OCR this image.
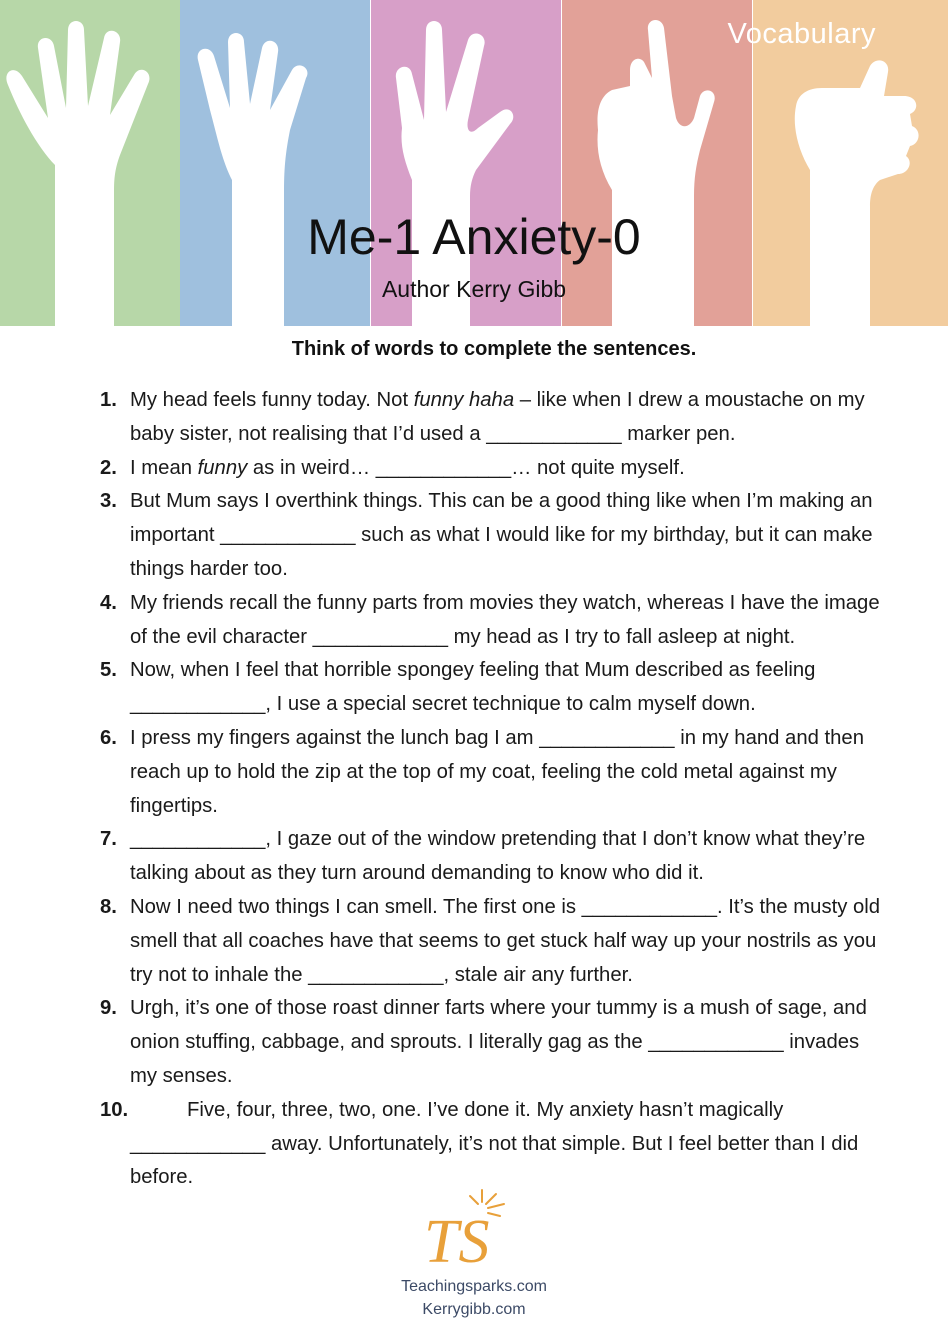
Vocabulary
Me-1 Anxiety-0
Author Kerry Gibb
Think of words to complete the sentences.
1. My head feels funny today. Not funny haha – like when I drew a moustache on my baby sister, not realising that I’d used a ____________ marker pen.
2. I mean funny as in weird… ____________… not quite myself.
3. But Mum says I overthink things. This can be a good thing like when I’m making an important ____________ such as what I would like for my birthday, but it can make things harder too.
4. My friends recall the funny parts from movies they watch, whereas I have the image of the evil character ____________ my head as I try to fall asleep at night.
5. Now, when I feel that horrible spongey feeling that Mum described as feeling ____________, I use a special secret technique to calm myself down.
6. I press my fingers against the lunch bag I am ____________ in my hand and then reach up to hold the zip at the top of my coat, feeling the cold metal against my fingertips.
7. ____________, I gaze out of the window pretending that I don’t know what they’re talking about as they turn around demanding to know who did it.
8. Now I need two things I can smell. The first one is ____________. It’s the musty old smell that all coaches have that seems to get stuck half way up your nostrils as you try not to inhale the ____________, stale air any further.
9. Urgh, it’s one of those roast dinner farts where your tummy is a mush of sage, and onion stuffing, cabbage, and sprouts. I literally gag as the ____________ invades my senses.
10.	Five, four, three, two, one. I’ve done it. My anxiety hasn’t magically ____________ away. Unfortunately, it’s not that simple. But I feel better than I did before.
TS
Teachingsparks.com
Kerrygibb.com
